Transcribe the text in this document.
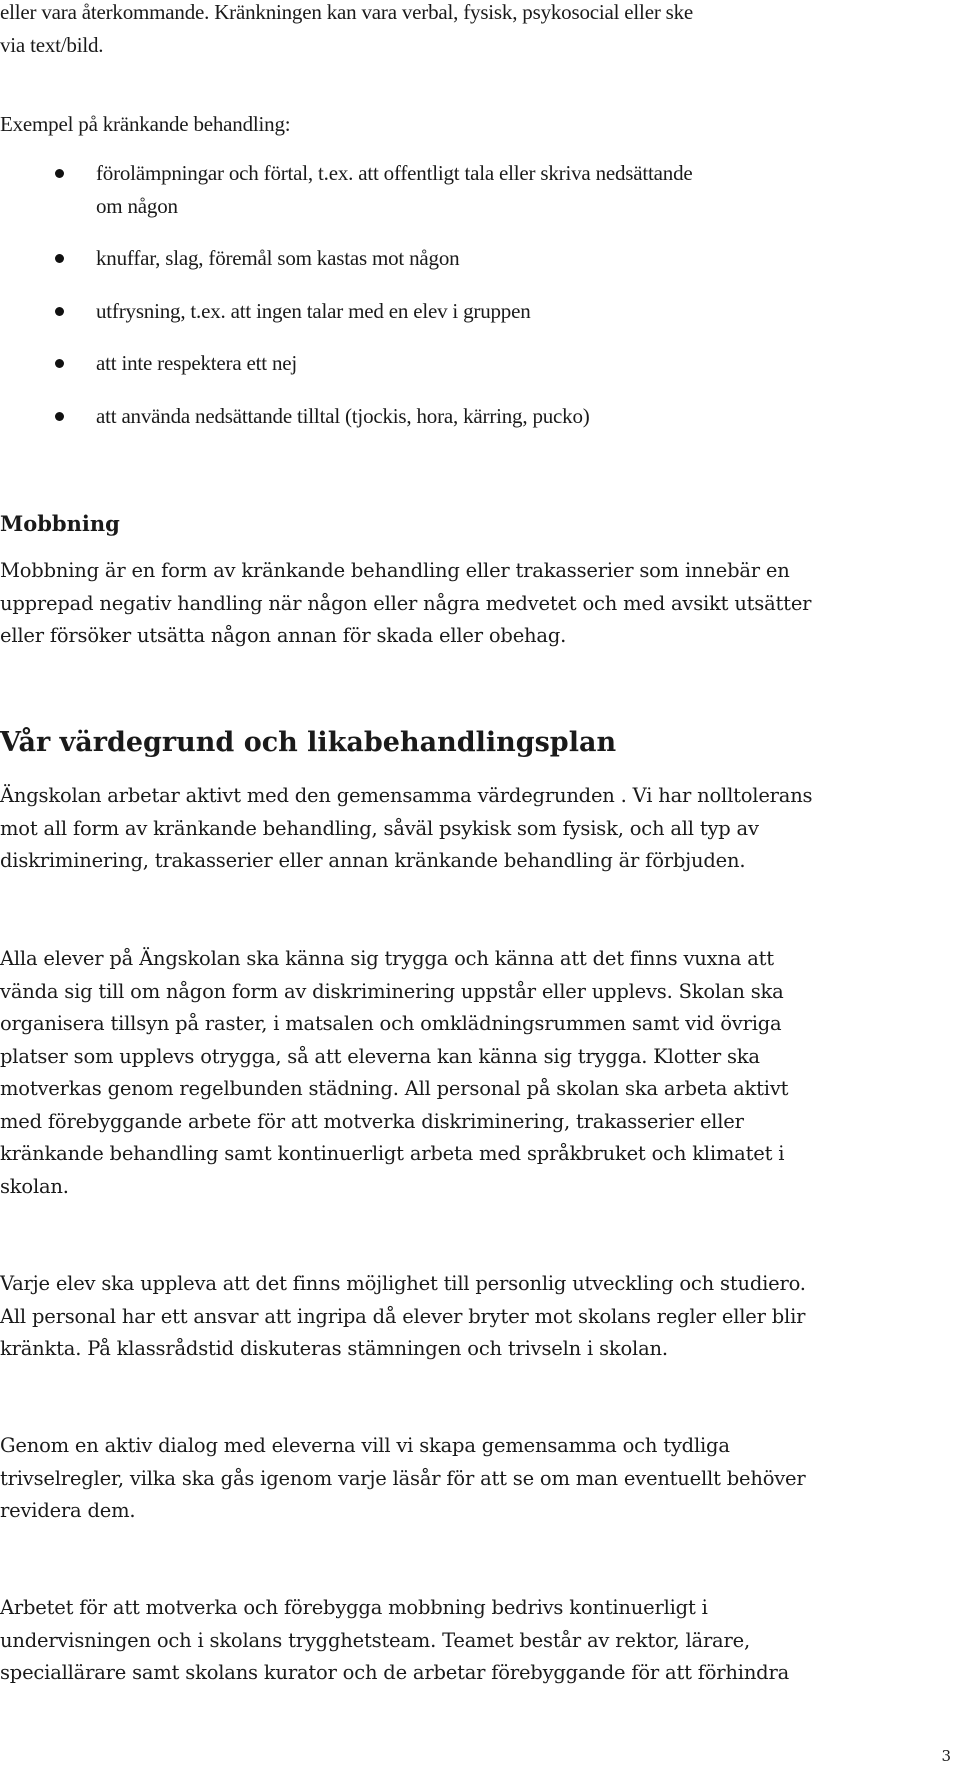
eller vara återkommande. Kränkningen kan vara verbal, fysisk, psykosocial eller ske
via text/bild.
Exempel på kränkande behandling:
förolämpningar och förtal, t.ex. att offentligt tala eller skriva nedsättande
om någon
knuffar, slag, föremål som kastas mot någon
utfrysning, t.ex. att ingen talar med en elev i gruppen
att inte respektera ett nej
att använda nedsättande tilltal (tjockis, hora, kärring, pucko)
Mobbning
Mobbning är en form av kränkande behandling eller trakasserier som innebär en
upprepad negativ handling när någon eller några medvetet och med avsikt utsätter
eller försöker utsätta någon annan för skada eller obehag.
Vår värdegrund och likabehandlingsplan
Ängskolan arbetar aktivt med den gemensamma värdegrunden . Vi har nolltolerans
mot all form av kränkande behandling, såväl psykisk som fysisk, och all typ av
diskriminering, trakasserier eller annan kränkande behandling är förbjuden.
Alla elever på Ängskolan ska känna sig trygga och känna att det finns vuxna att
vända sig till om någon form av diskriminering uppstår eller upplevs. Skolan ska
organisera tillsyn på raster, i matsalen och omklädningsrummen samt vid övriga
platser som upplevs otrygga, så att eleverna kan känna sig trygga. Klotter ska
motverkas genom regelbunden städning. All personal på skolan ska arbeta aktivt
med förebyggande arbete för att motverka diskriminering, trakasserier eller
kränkande behandling samt kontinuerligt arbeta med språkbruket och klimatet i
skolan.
Varje elev ska uppleva att det finns möjlighet till personlig utveckling och studiero.
All personal har ett ansvar att ingripa då elever bryter mot skolans regler eller blir
kränkta. På klassrådstid diskuteras stämningen och trivseln i skolan.
Genom en aktiv dialog med eleverna vill vi skapa gemensamma och tydliga
trivselregler, vilka ska gås igenom varje läsår för att se om man eventuellt behöver
revidera dem.
Arbetet för att motverka och förebygga mobbning bedrivs kontinuerligt i
undervisningen och i skolans trygghetsteam. Teamet består av rektor, lärare,
speciallärare samt skolans kurator och de arbetar förebyggande för att förhindra
3
